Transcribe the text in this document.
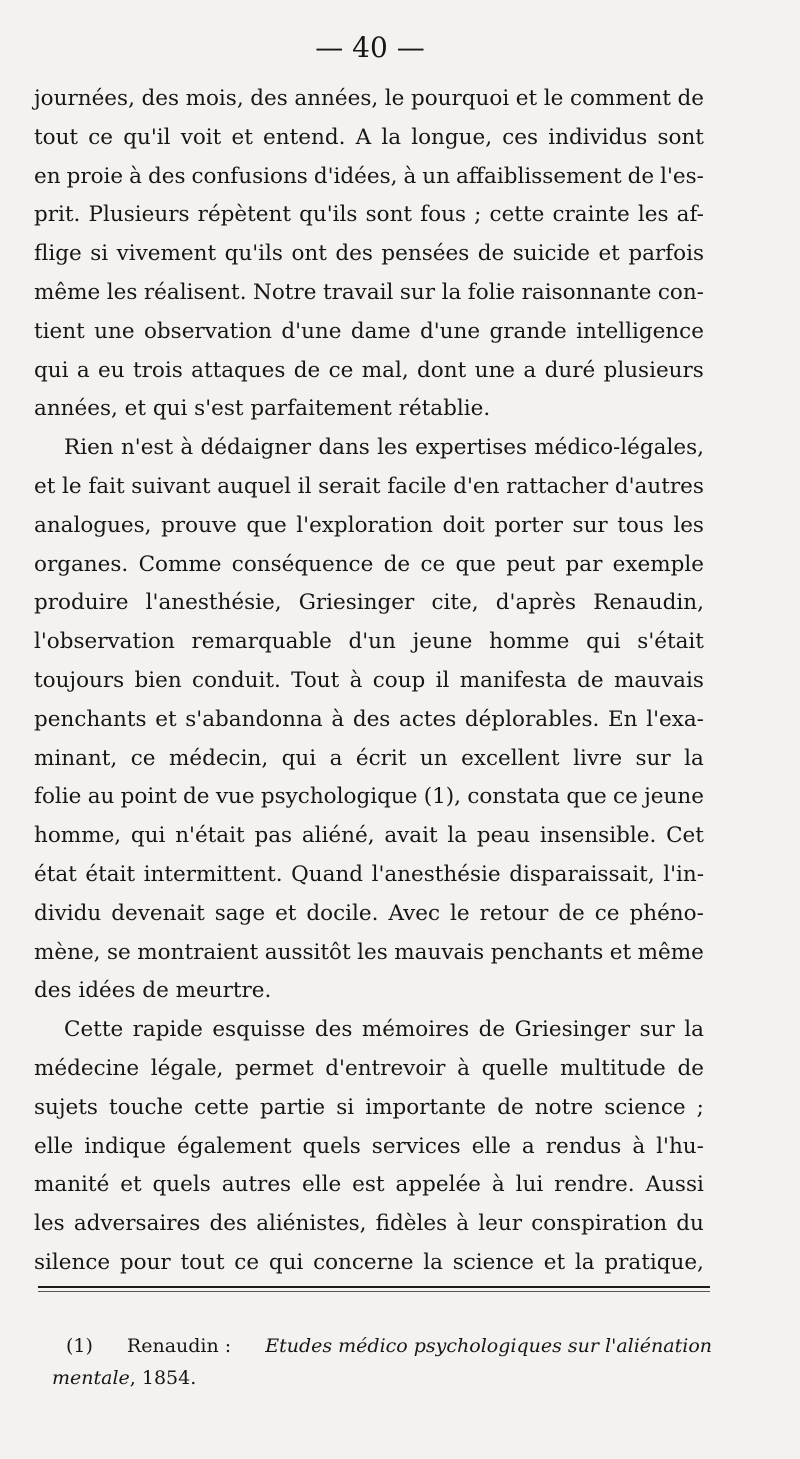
— 40 —
journées, des mois, des années, le pourquoi et le comment de
tout ce qu'il voit et entend. A la longue, ces individus sont
en proie à des confusions d'idées, à un affaiblissement de l'es-
prit. Plusieurs répètent qu'ils sont fous ; cette crainte les af-
flige si vivement qu'ils ont des pensées de suicide et parfois
même les réalisent. Notre travail sur la folie raisonnante con-
tient une observation d'une dame d'une grande intelligence
qui a eu trois attaques de ce mal, dont une a duré plusieurs
années, et qui s'est parfaitement rétablie.
Rien n'est à dédaigner dans les expertises médico-légales,
et le fait suivant auquel il serait facile d'en rattacher d'autres
analogues, prouve que l'exploration doit porter sur tous les
organes. Comme conséquence de ce que peut par exemple
produire l'anesthésie, Griesinger cite, d'après Renaudin,
l'observation remarquable d'un jeune homme qui s'était
toujours bien conduit. Tout à coup il manifesta de mauvais
penchants et s'abandonna à des actes déplorables. En l'exa-
minant, ce médecin, qui a écrit un excellent livre sur la
folie au point de vue psychologique (1), constata que ce jeune
homme, qui n'était pas aliéné, avait la peau insensible. Cet
état était intermittent. Quand l'anesthésie disparaissait, l'in-
dividu devenait sage et docile. Avec le retour de ce phéno-
mène, se montraient aussitôt les mauvais penchants et même
des idées de meurtre.
Cette rapide esquisse des mémoires de Griesinger sur la
médecine légale, permet d'entrevoir à quelle multitude de
sujets touche cette partie si importante de notre science ;
elle indique également quels services elle a rendus à l'hu-
manité et quels autres elle est appelée à lui rendre. Aussi
les adversaires des aliénistes, fidèles à leur conspiration du
silence pour tout ce qui concerne la science et la pratique,
(1) Renaudin : Etudes médico psychologiques sur l'aliénation
mentale , 1854.
